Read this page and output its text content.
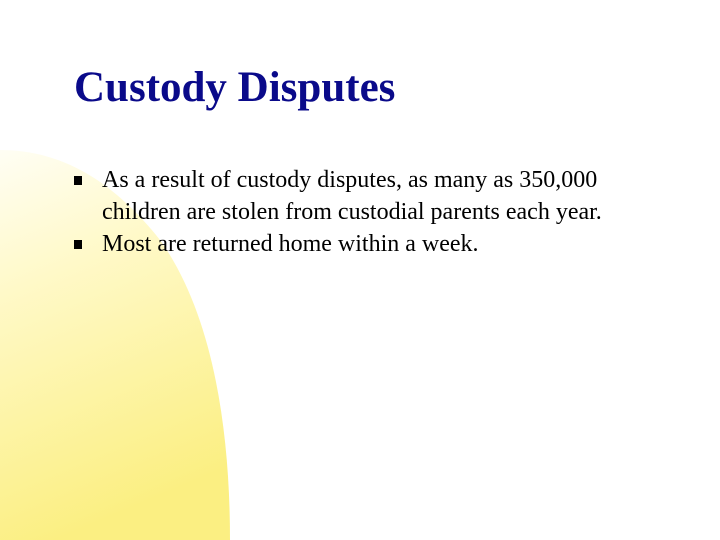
Custody Disputes
As a result of custody disputes, as many as 350,000 children are stolen from custodial parents each year.
Most are returned home within a week.
